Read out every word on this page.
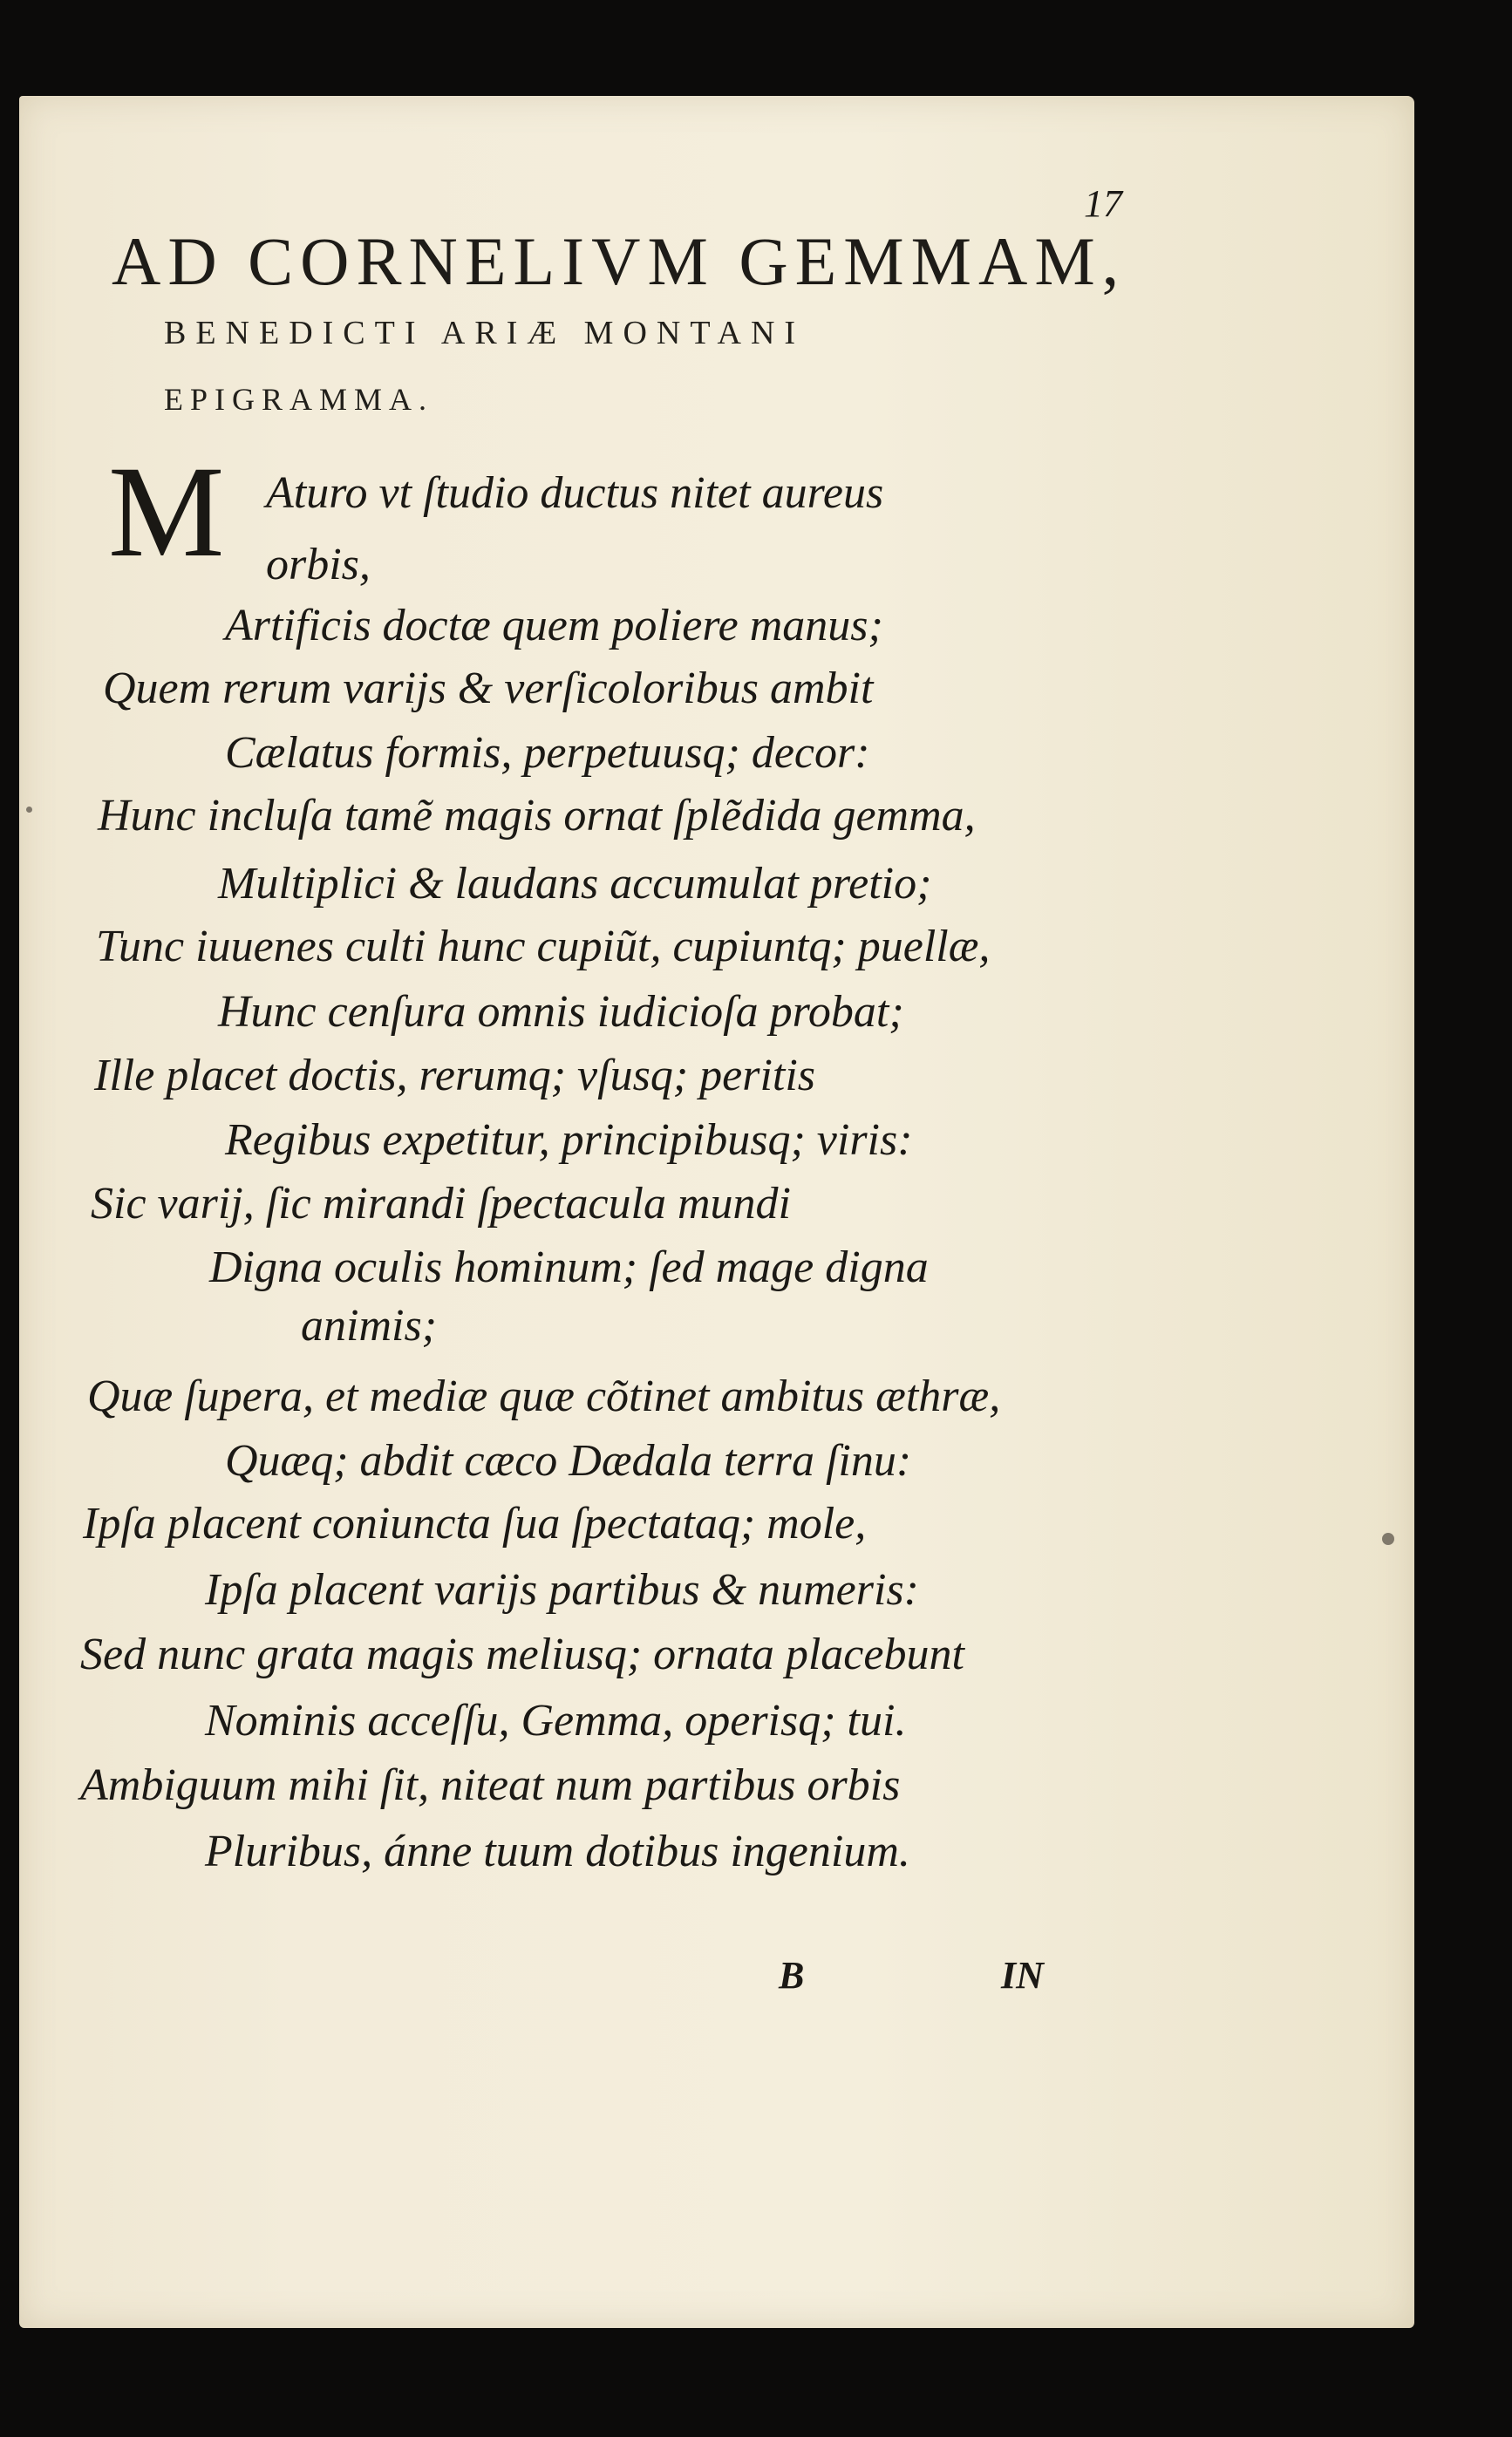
17
AD CORNELIVM GEMMAM,
BENEDICTI ARIÆ MONTANI
EPIGRAMMA.
M Aturo vt ſtudio ductus nitet aureus
orbis,
Artificis doctæ quem poliere manus;
Quem rerum varijs & verſicoloribus ambit
Cælatus formis, perpetuusq; decor:
Hunc incluſa tamẽ magis ornat ſplẽdida gemma,
Multiplici & laudans accumulat pretio;
Tunc iuuenes culti hunc cupiũt, cupiuntq; puellæ,
Hunc cenſura omnis iudicioſa probat;
Ille placet doctis, rerumq; vſusq; peritis
Regibus expetitur, principibusq; viris:
Sic varij, ſic mirandi ſpectacula mundi
Digna oculis hominum; ſed mage digna
animis;
Quæ ſupera, et mediæ quæ cõtinet ambitus æthræ,
Quæq; abdit cæco Dædala terra ſinu:
Ipſa placent coniuncta ſua ſpectataq; mole,
Ipſa placent varijs partibus & numeris:
Sed nunc grata magis meliusq; ornata placebunt
Nominis acceſſu, Gemma, operisq; tui.
Ambiguum mihi ſit, niteat num partibus orbis
Pluribus, ánne tuum dotibus ingenium.
B	IN
